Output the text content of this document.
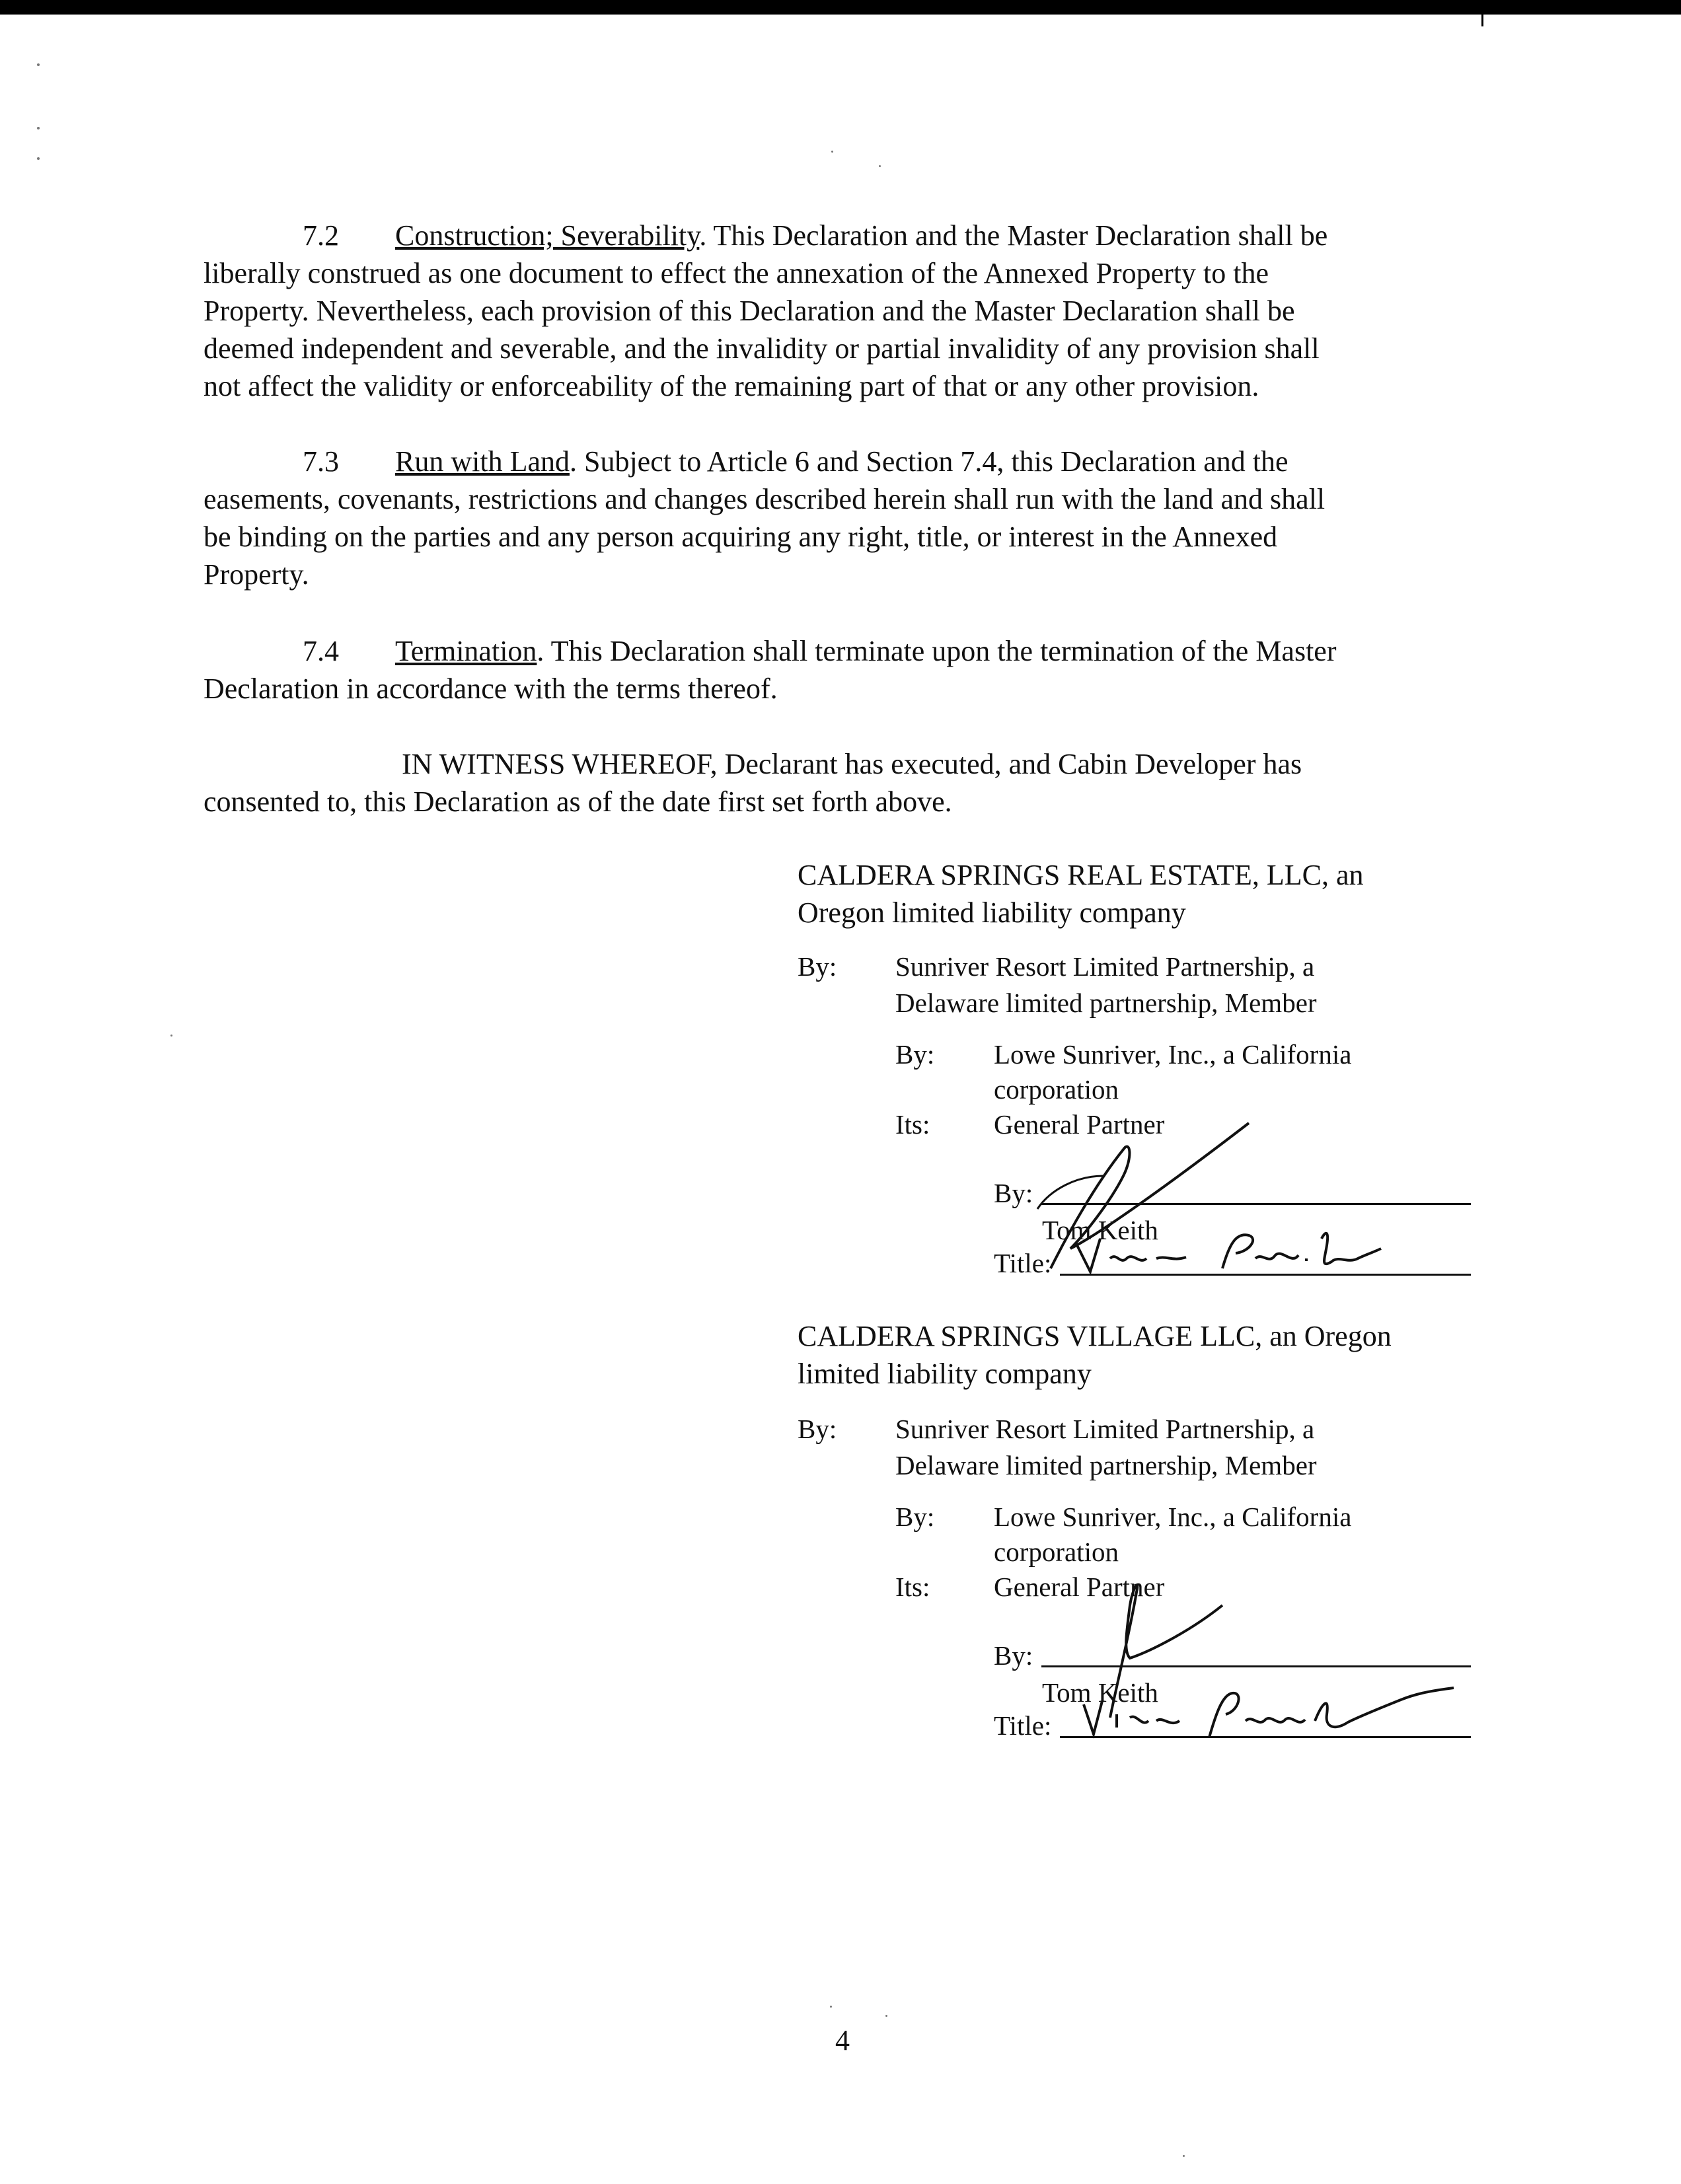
7.2 Construction; Severability. This Declaration and the Master Declaration shall be
liberally construed as one document to effect the annexation of the Annexed Property to the
Property. Nevertheless, each provision of this Declaration and the Master Declaration shall be
deemed independent and severable, and the invalidity or partial invalidity of any provision shall
not affect the validity or enforceability of the remaining part of that or any other provision.
7.3 Run with Land. Subject to Article 6 and Section 7.4, this Declaration and the
easements, covenants, restrictions and changes described herein shall run with the land and shall
be binding on the parties and any person acquiring any right, title, or interest in the Annexed
Property.
7.4 Termination. This Declaration shall terminate upon the termination of the Master
Declaration in accordance with the terms thereof.
IN WITNESS WHEREOF, Declarant has executed, and Cabin Developer has
consented to, this Declaration as of the date first set forth above.
CALDERA SPRINGS REAL ESTATE, LLC, an
Oregon limited liability company
By: Sunriver Resort Limited Partnership, a
Delaware limited partnership, Member
By: Lowe Sunriver, Inc., a California
corporation
Its: General Partner
By:
Tom Keith
Title:
CALDERA SPRINGS VILLAGE LLC, an Oregon
limited liability company
By: Sunriver Resort Limited Partnership, a
Delaware limited partnership, Member
By: Lowe Sunriver, Inc., a California
corporation
Its: General Partner
By:
Tom Keith
Title:
4
